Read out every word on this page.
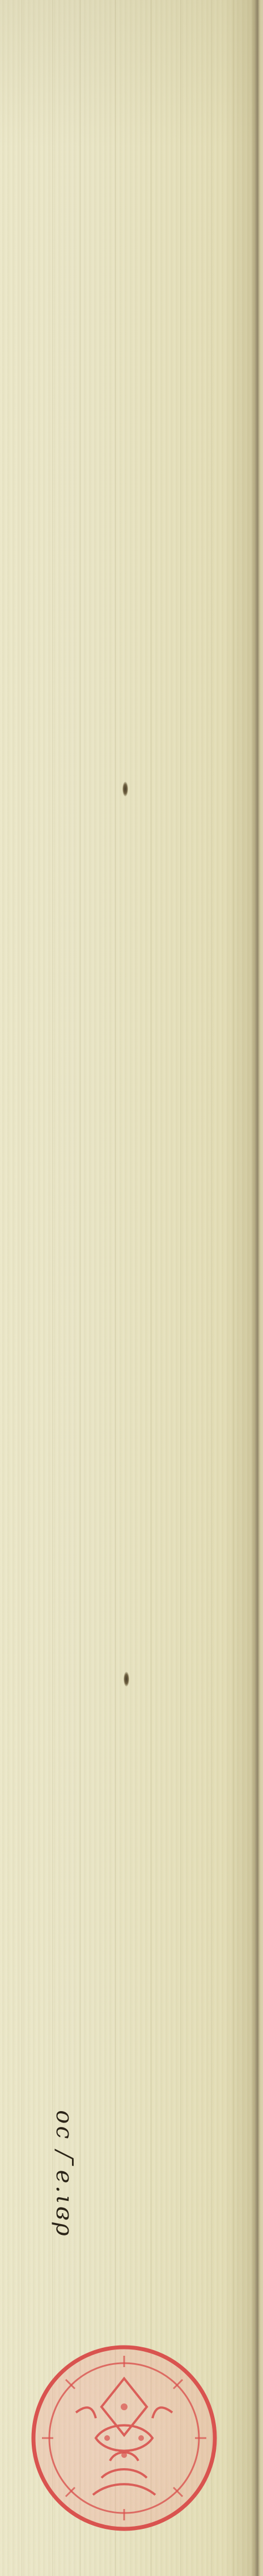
oc / ̄e.ιɞρ
